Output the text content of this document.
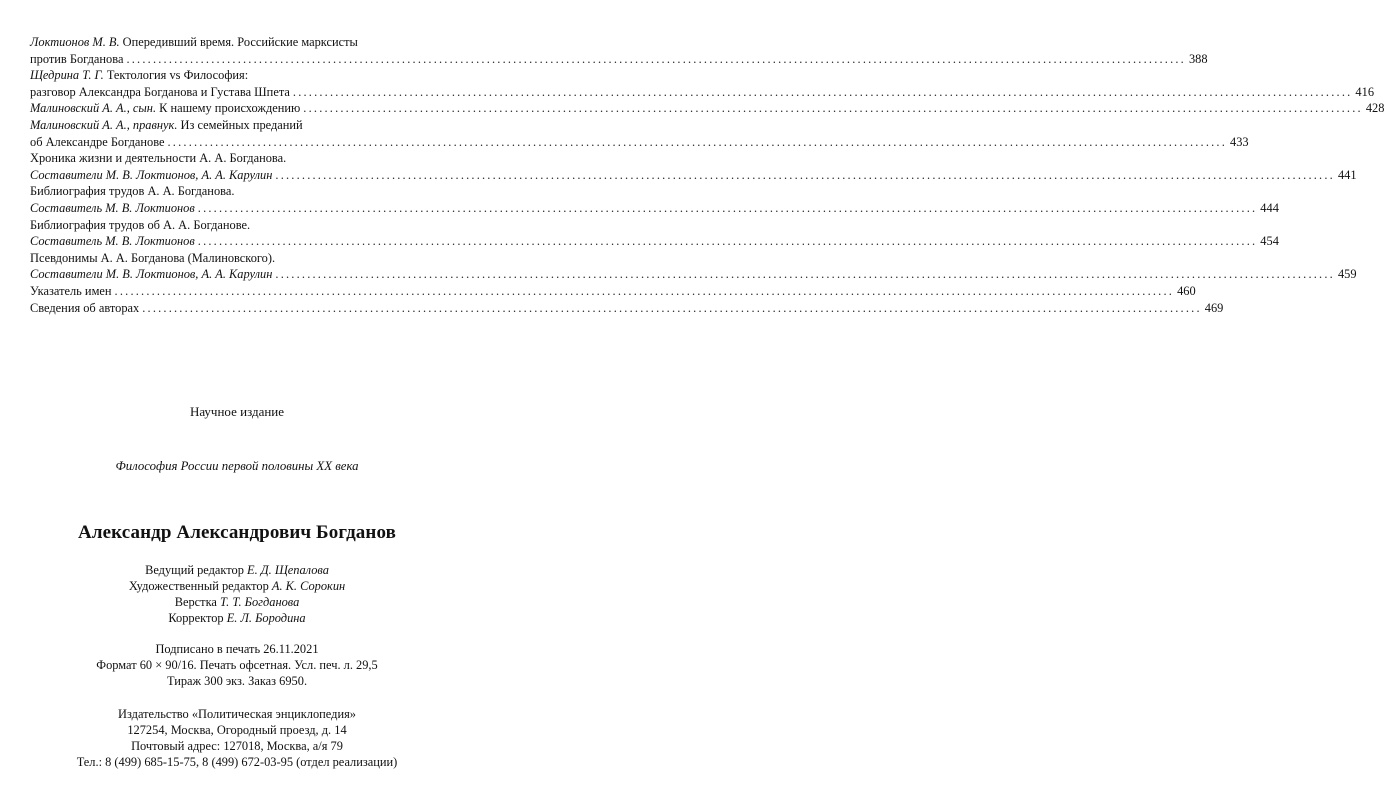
Локтионов М. В. Опередивший время. Российские марксисты
против Богданова ........................................................................................................................................................................................................ 388
Щедрина Т. Г. Тектология vs Философия:
разговор Александра Богданова и Густава Шпета ........................................................................................................................................................................................................ 416
Малиновский А. А., сын. К нашему происхождению ........................................................................................................................................................................................................ 428
Малиновский А. А., правнук. Из семейных преданий
об Александре Богданове ........................................................................................................................................................................................................ 433
Хроника жизни и деятельности А. А. Богданова.
Составители М. В. Локтионов, А. А. Карулин ........................................................................................................................................................................................................ 441
Библиография трудов А. А. Богданова.
Составитель М. В. Локтионов ........................................................................................................................................................................................................ 444
Библиография трудов об А. А. Богданове.
Составитель М. В. Локтионов ........................................................................................................................................................................................................ 454
Псевдонимы А. А. Богданова (Малиновского).
Составители М. В. Локтионов, А. А. Карулин ........................................................................................................................................................................................................ 459
Указатель имен ........................................................................................................................................................................................................ 460
Сведения об авторах ........................................................................................................................................................................................................ 469
Научное издание
Философия России первой половины XX века
Александр Александрович Богданов
Ведущий редактор Е. Д. Щепалова
Художественный редактор А. К. Сорокин
Верстка Т. Т. Богданова
Корректор Е. Л. Бородина
Подписано в печать 26.11.2021
Формат 60 × 90/16. Печать офсетная. Усл. печ. л. 29,5
Тираж 300 экз. Заказ 6950.
Издательство «Политическая энциклопедия»
127254, Москва, Огородный проезд, д. 14
Почтовый адрес: 127018, Москва, а/я 79
Тел.: 8 (499) 685-15-75, 8 (499) 672-03-95 (отдел реализации)
